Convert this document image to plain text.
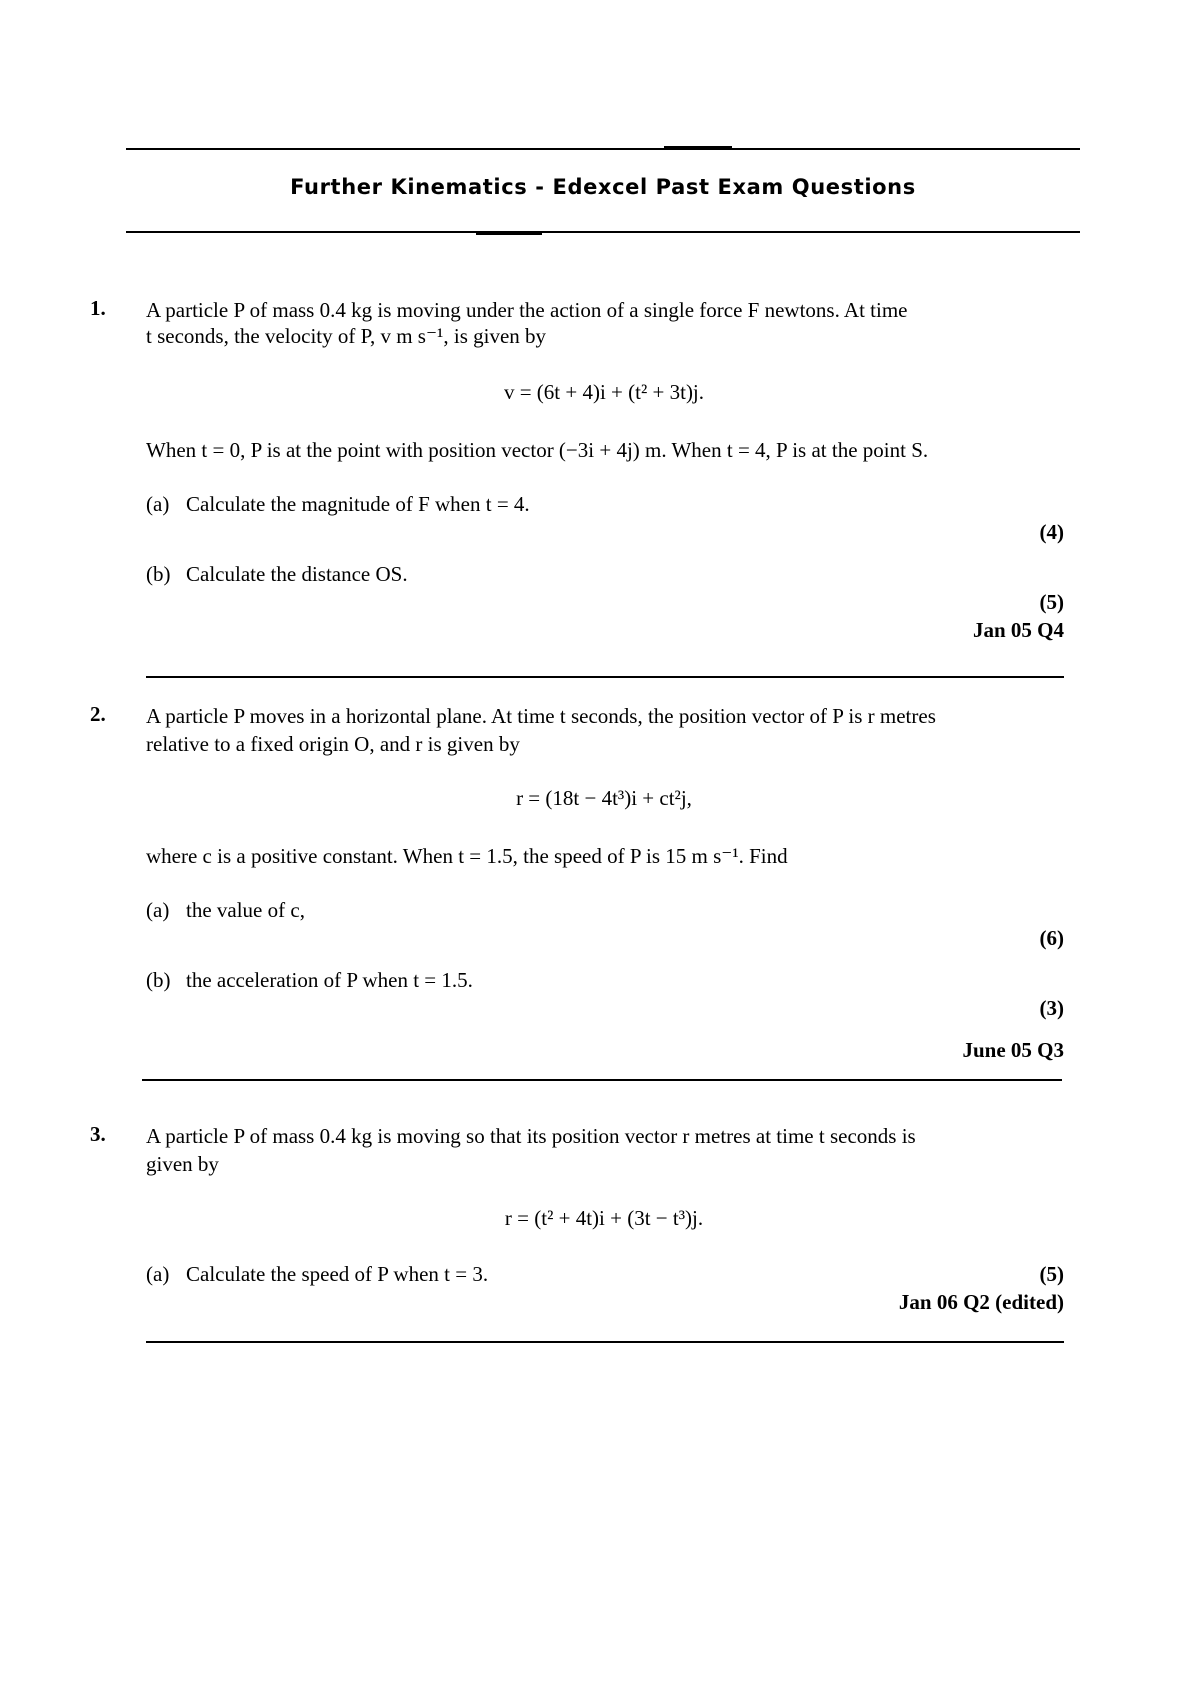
Further Kinematics - Edexcel Past Exam Questions
1. A particle P of mass 0.4 kg is moving under the action of a single force F newtons. At time
t seconds, the velocity of P, v m s⁻¹, is given by
v = (6t + 4)i + (t² + 3t)j.
When t = 0, P is at the point with position vector (−3i + 4j) m. When t = 4, P is at the point S.
(a) Calculate the magnitude of F when t = 4.
(4)
(b) Calculate the distance OS.
(5)
Jan 05 Q4
2. A particle P moves in a horizontal plane. At time t seconds, the position vector of P is r metres
relative to a fixed origin O, and r is given by
r = (18t − 4t³)i + ct²j,
where c is a positive constant. When t = 1.5, the speed of P is 15 m s⁻¹. Find
(a) the value of c,
(6)
(b) the acceleration of P when t = 1.5.
(3)
June 05 Q3
3. A particle P of mass 0.4 kg is moving so that its position vector r metres at time t seconds is
given by
r = (t² + 4t)i + (3t − t³)j.
(a) Calculate the speed of P when t = 3.	(5)
Jan 06 Q2 (edited)
